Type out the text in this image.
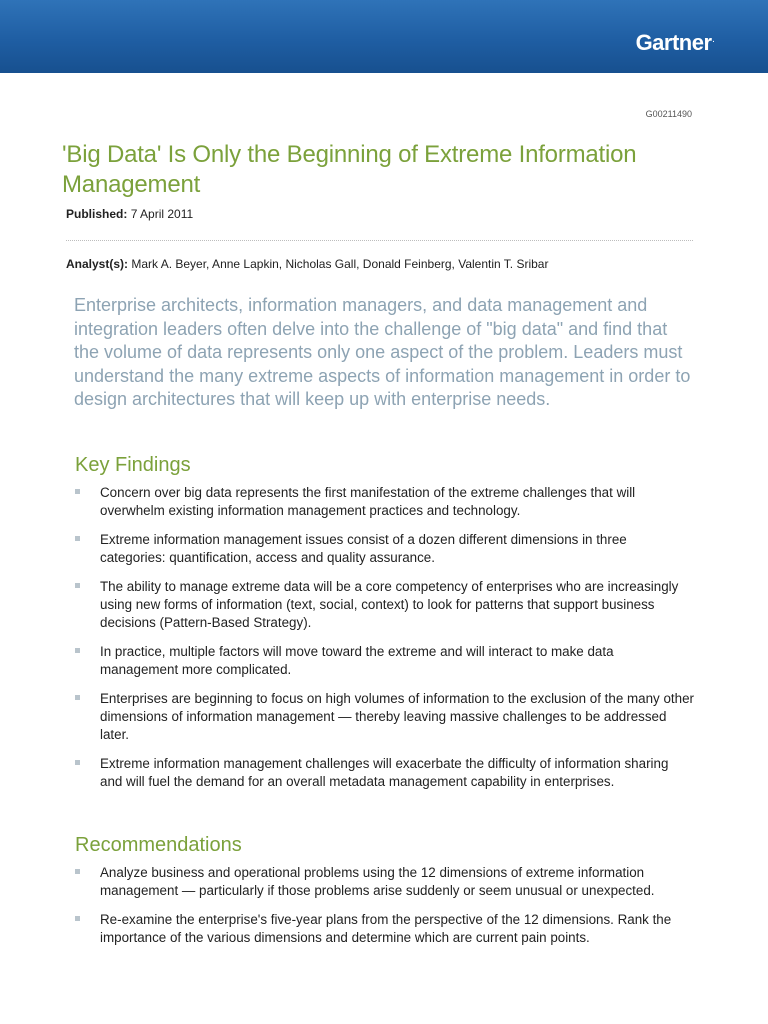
Gartner.
G00211490
'Big Data' Is Only the Beginning of Extreme Information Management
Published: 7 April 2011
Analyst(s): Mark A. Beyer, Anne Lapkin, Nicholas Gall, Donald Feinberg, Valentin T. Sribar

Enterprise architects, information managers, and data management and integration leaders often delve into the challenge of "big data" and find that the volume of data represents only one aspect of the problem. Leaders must understand the many extreme aspects of information management in order to design architectures that will keep up with enterprise needs.

Key Findings
Concern over big data represents the first manifestation of the extreme challenges that will overwhelm existing information management practices and technology.
Extreme information management issues consist of a dozen different dimensions in three categories: quantification, access and quality assurance.
The ability to manage extreme data will be a core competency of enterprises who are increasingly using new forms of information (text, social, context) to look for patterns that support business decisions (Pattern-Based Strategy).
In practice, multiple factors will move toward the extreme and will interact to make data management more complicated.
Enterprises are beginning to focus on high volumes of information to the exclusion of the many other dimensions of information management — thereby leaving massive challenges to be addressed later.
Extreme information management challenges will exacerbate the difficulty of information sharing and will fuel the demand for an overall metadata management capability in enterprises.
Recommendations
Analyze business and operational problems using the 12 dimensions of extreme information management — particularly if those problems arise suddenly or seem unusual or unexpected.
Re-examine the enterprise's five-year plans from the perspective of the 12 dimensions. Rank the importance of the various dimensions and determine which are current pain points.
